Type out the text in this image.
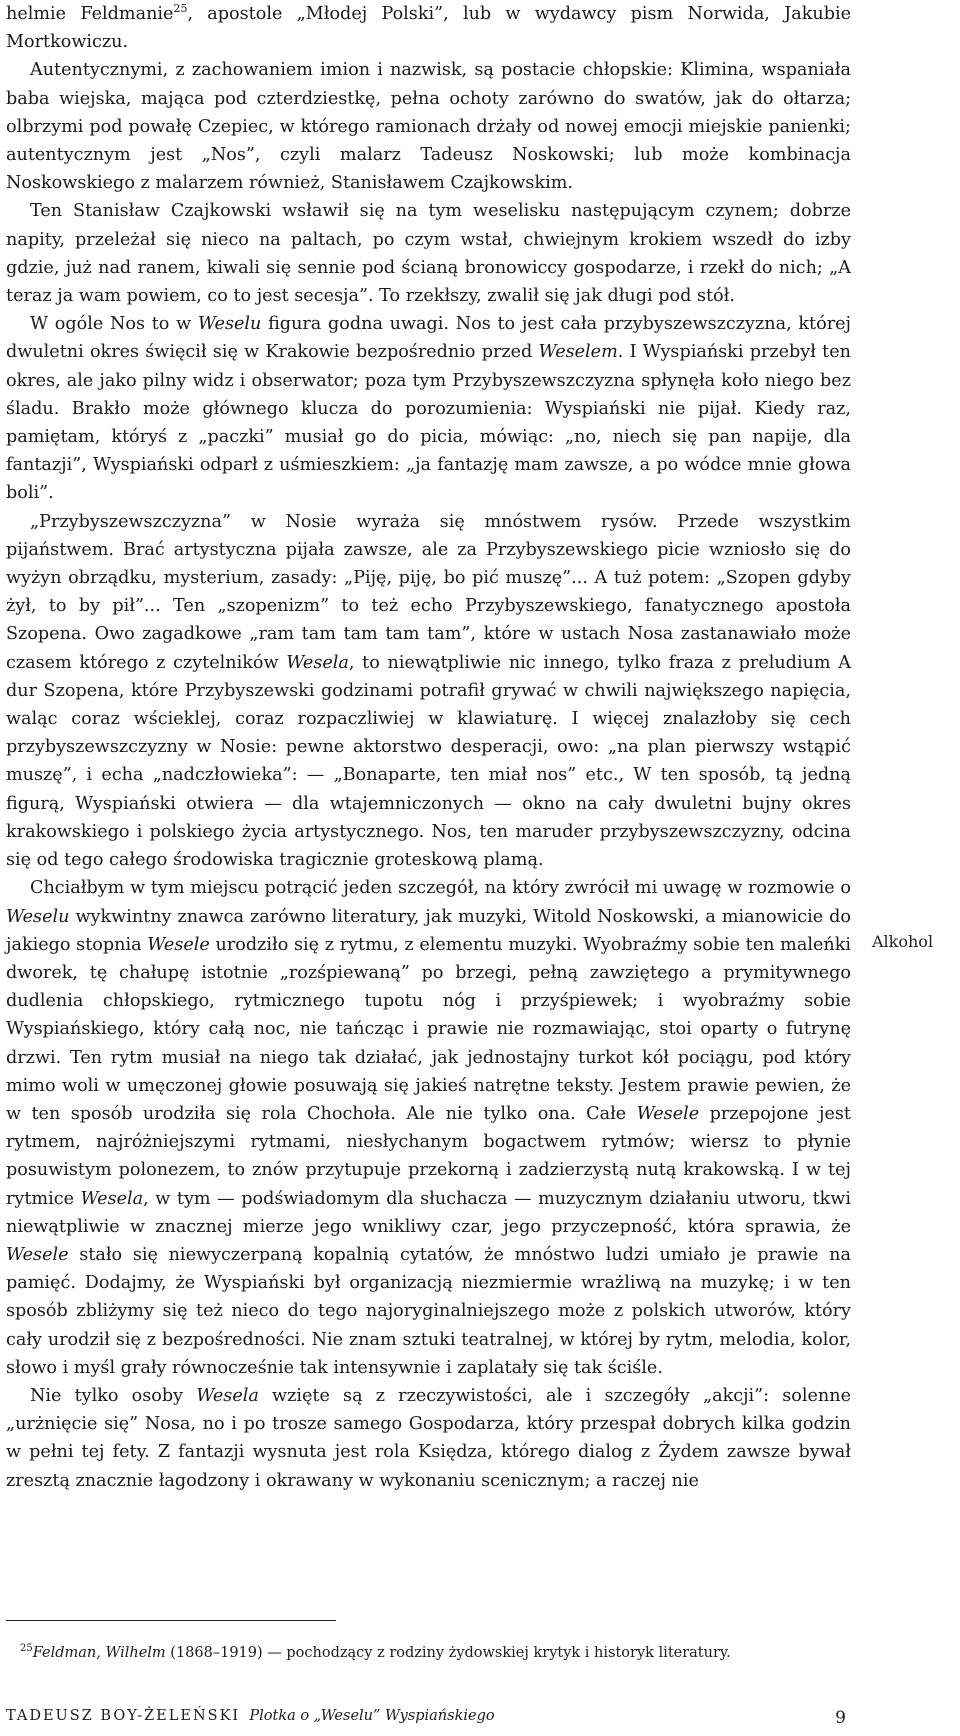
helmie Feldmanie$^{25}$, apostole „Młodej Polski”, lub w wydawcy pism Norwida, Jakubie Mortkowiczu.

Autentycznymi, z zachowaniem imion i nazwisk, są postacie chłopskie: Klimina, wspaniała baba wiejska, mająca pod czterdziestkę, pełna ochoty zarówno do swatów, jak do ołtarza; olbrzymi pod powałę Czepiec, w którego ramionach drżały od nowej emocji miejskie panienki; autentycznym jest „Nos”, czyli malarz Tadeusz Noskowski; lub może kombinacja Noskowskiego z malarzem również, Stanisławem Czajkowskim.

Ten Stanisław Czajkowski wsławił się na tym weselisku następującym czynem; dobrze napity, przeleżał się nieco na paltach, po czym wstał, chwiejnym krokiem wszedł do izby gdzie, już nad ranem, kiwali się sennie pod ścianą bronowiccy gospodarze, i rzekł do nich; „A teraz ja wam powiem, co to jest secesja”. To rzekłszy, zwalił się jak długi pod stół.

W ogóle Nos to w Weselu figura godna uwagi. Nos to jest cała przybyszewszczyzna, której dwuletni okres święcił się w Krakowie bezpośrednio przed Weselem. I Wyspiański przebył ten okres, ale jako pilny widz i obserwator; poza tym Przybyszewszczyzna spłynęła koło niego bez śladu. Brakło może głównego klucza do porozumienia: Wyspiański nie pijał. Kiedy raz, pamiętam, któryś z „paczki” musiał go do picia, mówiąc: „no, niech się pan napije, dla fantazji”, Wyspiański odparł z uśmieszkiem: „ja fantazję mam zawsze, a po wódce mnie głowa boli”.

„Przybyszewszczyzna” w Nosie wyraża się mnóstwem rysów. Przede wszystkim pijaństwem. Brać artystyczna pijała zawsze, ale za Przybyszewskiego picie wzniosło się do wyżyn obrządku, mysterium, zasady: „Piję, piję, bo pić muszę”... A tuż potem: „Szopen gdyby żył, to by pił”... Ten „szopenizm” to też echo Przybyszewskiego, fanatycznego apostoła Szopena. Owo zagadkowe „ram tam tam tam tam”, które w ustach Nosa zastanawiało może czasem którego z czytelników Wesela, to niewątpliwie nic innego, tylko fraza z preludium A dur Szopena, które Przybyszewski godzinami potrafił grywać w chwili największego napięcia, waląc coraz wścieklej, coraz rozpaczliwiej w klawiaturę. I więcej znalazłoby się cech przybyszewszczyzny w Nosie: pewne aktorstwo desperacji, owo: „na plan pierwszy wstąpić muszę”, i echa „nadczłowieka”: — „Bonaparte, ten miał nos” etc., W ten sposób, tą jedną figurą, Wyspiański otwiera — dla wtajemniczonych — okno na cały dwuletni bujny okres krakowskiego i polskiego życia artystycznego. Nos, ten maruder przybyszewszczyzny, odcina się od tego całego środowiska tragicznie groteskową plamą.

Chciałbym w tym miejscu potrącić jeden szczegół, na który zwrócił mi uwagę w rozmowie o Weselu wykwintny znawca zarówno literatury, jak muzyki, Witold Noskowski, a mianowicie do jakiego stopnia Wesele urodziło się z rytmu, z elementu muzyki. Wyobraźmy sobie ten maleńki dworek, tę chałupę istotnie „rozśpiewaną” po brzegi, pełną zawziętego a prymitywnego dudlenia chłopskiego, rytmicznego tupotu nóg i przyśpiewek; i wyobraźmy sobie Wyspiańskiego, który całą noc, nie tańcząc i prawie nie rozmawiając, stoi oparty o futrynę drzwi. Ten rytm musiał na niego tak działać, jak jednostajny turkot kół pociągu, pod który mimo woli w umęczonej głowie posuwają się jakieś natrętne teksty. Jestem prawie pewien, że w ten sposób urodziła się rola Chochoła. Ale nie tylko ona. Całe Wesele przepojone jest rytmem, najróżniejszymi rytmami, niesłychanym bogactwem rytmów; wiersz to płynie posuwistym polonezem, to znów przytupuje przekorną i zadzierzystą nutą krakowską. I w tej rytmice Wesela, w tym — podświadomym dla słuchacza — muzycznym działaniu utworu, tkwi niewątpliwie w znacznej mierze jego wnikliwy czar, jego przyczepność, która sprawia, że Wesele stało się niewyczerpaną kopalnią cytatów, że mnóstwo ludzi umiało je prawie na pamięć. Dodajmy, że Wyspiański był organizacją niezmiermie wrażliwą na muzykę; i w ten sposób zbliżymy się też nieco do tego najoryginalniejszego może z polskich utworów, który cały urodził się z bezpośredności. Nie znam sztuki teatralnej, w której by rytm, melodia, kolor, słowo i myśl grały równocześnie tak intensywnie i zaplatały się tak ściśle.

Nie tylko osoby Wesela wzięte są z rzeczywistości, ale i szczegóły „akcji”: solenne „urżnięcie się” Nosa, no i po trosze samego Gospodarza, który przespał dobrych kilka godzin w pełni tej fety. Z fantazji wysnuta jest rola Księdza, którego dialog z Żydem zawsze bywał zresztą znacznie łagodzony i okrawany w wykonaniu scenicznym; a raczej nie

Alkohol
$^{25}$Feldman, Wilhelm (1868–1919) — pochodzący z rodziny żydowskiej krytyk i historyk literatury.
TADEUSZ BOY-ŻELEŃSKI Plotka o „Weselu” Wyspiańskiego	9
